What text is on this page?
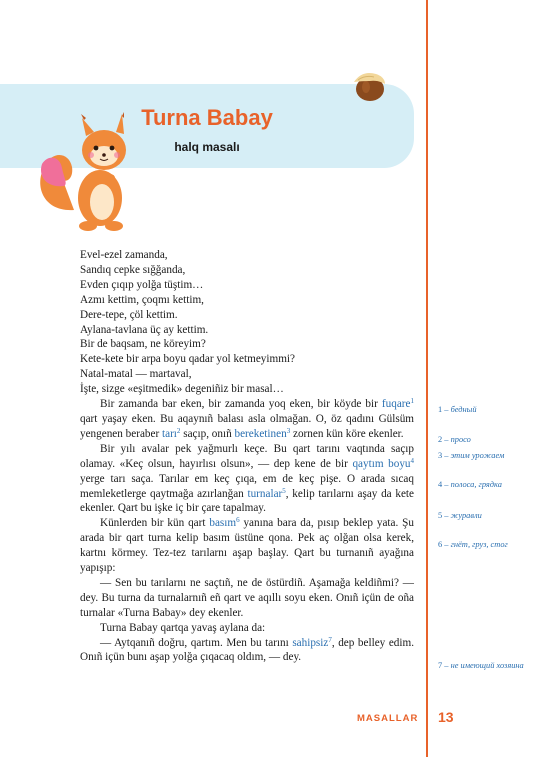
Turna Babay
halq masalı

Evel-ezel zamanda,

Sandıq cepke sığğanda,

Evden çıqıp yolğa tüştim…

Azmı kettim, çoqmı kettim,

Dere-tepe, çöl kettim.

Aylana-tavlana üç ay kettim.

Bir de baqsam, ne köreyim?

Kete-kete bir arpa boyu qadar yol ketmeyimmi?

Natal-matal — martaval,

İşte, sizge «eşitmedik» degeniñiz bir masal…

Bir zamanda bar eken, bir zamanda yoq eken, bir köyde bir fuqare$^1$ qart yaşay eken. Bu aqaynıñ balası asla olmağan. O, öz qadını Gülsüm yengenen beraber tarı$^2$ saçıp, onıñ bereketinen$^3$ zornen kün köre ekenler.

Bir yılı avalar pek yağmurlı keçe. Bu qart tarını vaqtında saçıp olamay. «Keç olsun, hayırlısı olsun», — dep kene de bir qaytım boyu$^4$ yerge tarı saça. Tarılar em keç çıqa, em de keç pişe. O arada sıcaq memleketlerge qaytmağa azırlanğan turnalar$^5$, kelip tarılarnı aşay da kete ekenler. Qart bu işke iç bir çare tapalmay.

Künlerden bir kün qart basım$^6$ yanına bara da, pısıp beklep yata. Şu arada bir qart turna kelip basım üstüne qona. Pek aç olğan olsa kerek, kartnı körmey. Tez-tez tarılarnı aşap başlay. Qart bu turnanıñ ayağına yapışıp:

— Sen bu tarılarnı ne saçtıñ, ne de östürdiñ. Aşamağa keldiñmi? — dey. Bu turna da turnalarnıñ eñ qart ve aqıllı soyu eken. Onıñ içün de oña turnalar «Turna Babay» dey ekenler.

Turna Babay qartqa yavaş aylana da:

— Aytqanıñ doğru, qartım. Men bu tarını sahipsiz$^7$, dep belley edim. Onıñ içün bunı aşap yolğa çıqacaq oldım, — dey.

1 – бедный
2 – просо
3 – этим урожаем
4 – полоса, грядка
5 – журавли
6 – гнёт, груз, стог
7 – не имеющий хозяина
MASALLAR 13
